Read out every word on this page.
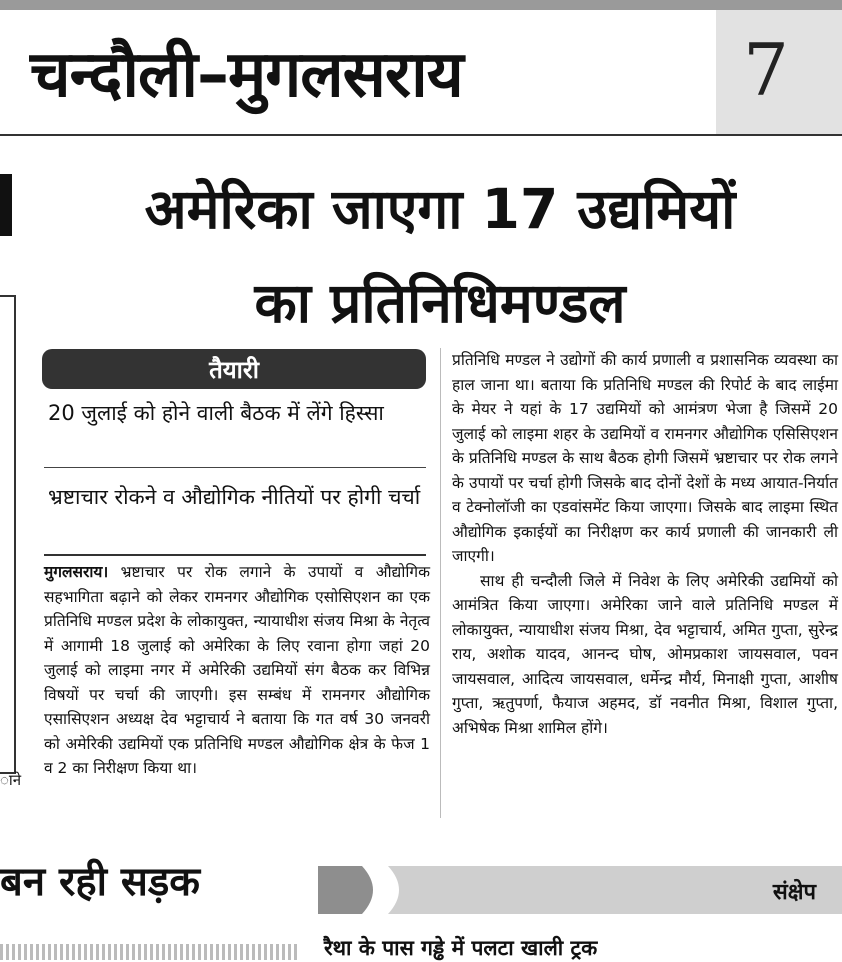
चन्दौली–मुगलसराय	7
ाने
अमेरिका जाएगा 17 उद्यमियों
का प्रतिनिधिमण्डल
तैयारी
20 जुलाई को होने वाली बैठक में लेंगे हिस्सा
भ्रष्टाचार रोकने व औद्योगिक नीतियों पर होगी चर्चा

मुगलसराय। भ्रष्टाचार पर रोक लगाने के उपायों व औद्योगिक सहभागिता बढ़ाने को लेकर रामनगर औद्योगिक एसोसिएशन का एक प्रतिनिधि मण्डल प्रदेश के लोकायुक्त, न्यायाधीश संजय मिश्रा के नेतृत्व में आगामी 18 जुलाई को अमेरिका के लिए रवाना होगा जहां 20 जुलाई को लाइमा नगर में अमेरिकी उद्यमियों संग बैठक कर विभिन्न विषयों पर चर्चा की जाएगी। इस सम्बंध में रामनगर औद्योगिक एसासिएशन अध्यक्ष देव भट्टाचार्य ने बताया कि गत वर्ष 30 जनवरी को अमेरिकी उद्यमियों एक प्रतिनिधि मण्डल औद्योगिक क्षेत्र के फेज 1 व 2 का निरीक्षण किया था।

प्रतिनिधि मण्डल ने उद्योगों की कार्य प्रणाली व प्रशासनिक व्यवस्था का हाल जाना था। बताया कि प्रतिनिधि मण्डल की रिपोर्ट के बाद लाईमा के मेयर ने यहां के 17 उद्यमियों को आमंत्रण भेजा है जिसमें 20 जुलाई को लाइमा शहर के उद्यमियों व रामनगर औद्योगिक एसिसिएशन के प्रतिनिधि मण्डल के साथ बैठक होगी जिसमें भ्रष्टाचार पर रोक लगने के उपायों पर चर्चा होगी जिसके बाद दोनों देशों के मध्य आयात-निर्यात व टेक्नोलॉजी का एडवांसमेंट किया जाएगा। जिसके बाद लाइमा स्थित औद्योगिक इकाईयों का निरीक्षण कर कार्य प्रणाली की जानकारी ली जाएगी।

साथ ही चन्दौली जिले में निवेश के लिए अमेरिकी उद्यमियों को आमंत्रित किया जाएगा। अमेरिका जाने वाले प्रतिनिधि मण्डल में लोकायुक्त, न्यायाधीश संजय मिश्रा, देव भट्टाचार्य, अमित गुप्ता, सुरेन्द्र राय, अशोक यादव, आनन्द घोष, ओमप्रकाश जायसवाल, पवन जायसवाल, आदित्य जायसवाल, धर्मेन्द्र मौर्य, मिनाक्षी गुप्ता, आशीष गुप्ता, ऋतुपर्णा, फैयाज अहमद, डॉ नवनीत मिश्रा, विशाल गुप्ता, अभिषेक मिश्रा शामिल होंगे।

बन रही सड़क	संक्षेप
रैथा के पास गड्ढे में पलटा खाली ट्रक
